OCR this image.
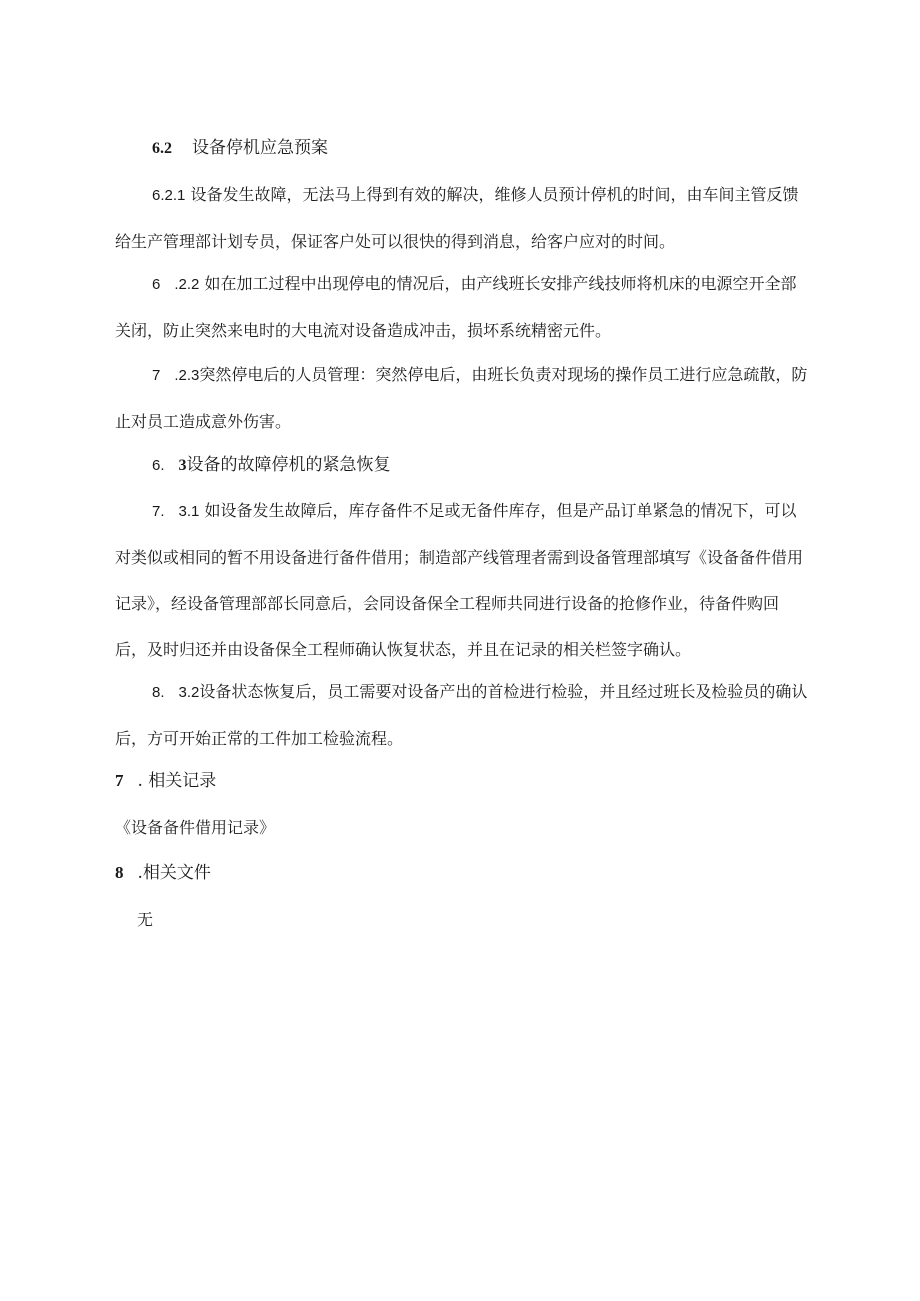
6.2 设备停机应急预案

6.2.1 设备发生故障，无法马上得到有效的解决，维修人员预计停机的时间，由车间主管反馈给生产管理部计划专员，保证客户处可以很快的得到消息，给客户应对的时间。

6 .2.2 如在加工过程中出现停电的情况后，由产线班长安排产线技师将机床的电源空开全部关闭，防止突然来电时的大电流对设备造成冲击，损坏系统精密元件。

7 .2.3突然停电后的人员管理：突然停电后，由班长负责对现场的操作员工进行应急疏散，防止对员工造成意外伤害。

6. 3设备的故障停机的紧急恢复

7. 3.1 如设备发生故障后，库存备件不足或无备件库存，但是产品订单紧急的情况下，可以对类似或相同的暂不用设备进行备件借用；制造部产线管理者需到设备管理部填写《设备备件借用记录》，经设备管理部部长同意后，会同设备保全工程师共同进行设备的抢修作业，待备件购回后，及时归还并由设备保全工程师确认恢复状态，并且在记录的相关栏签字确认。

8. 3.2设备状态恢复后，员工需要对设备产出的首检进行检验，并且经过班长及检验员的确认后，方可开始正常的工件加工检验流程。

7 . 相关记录

《设备备件借用记录》

8 .相关文件

无
